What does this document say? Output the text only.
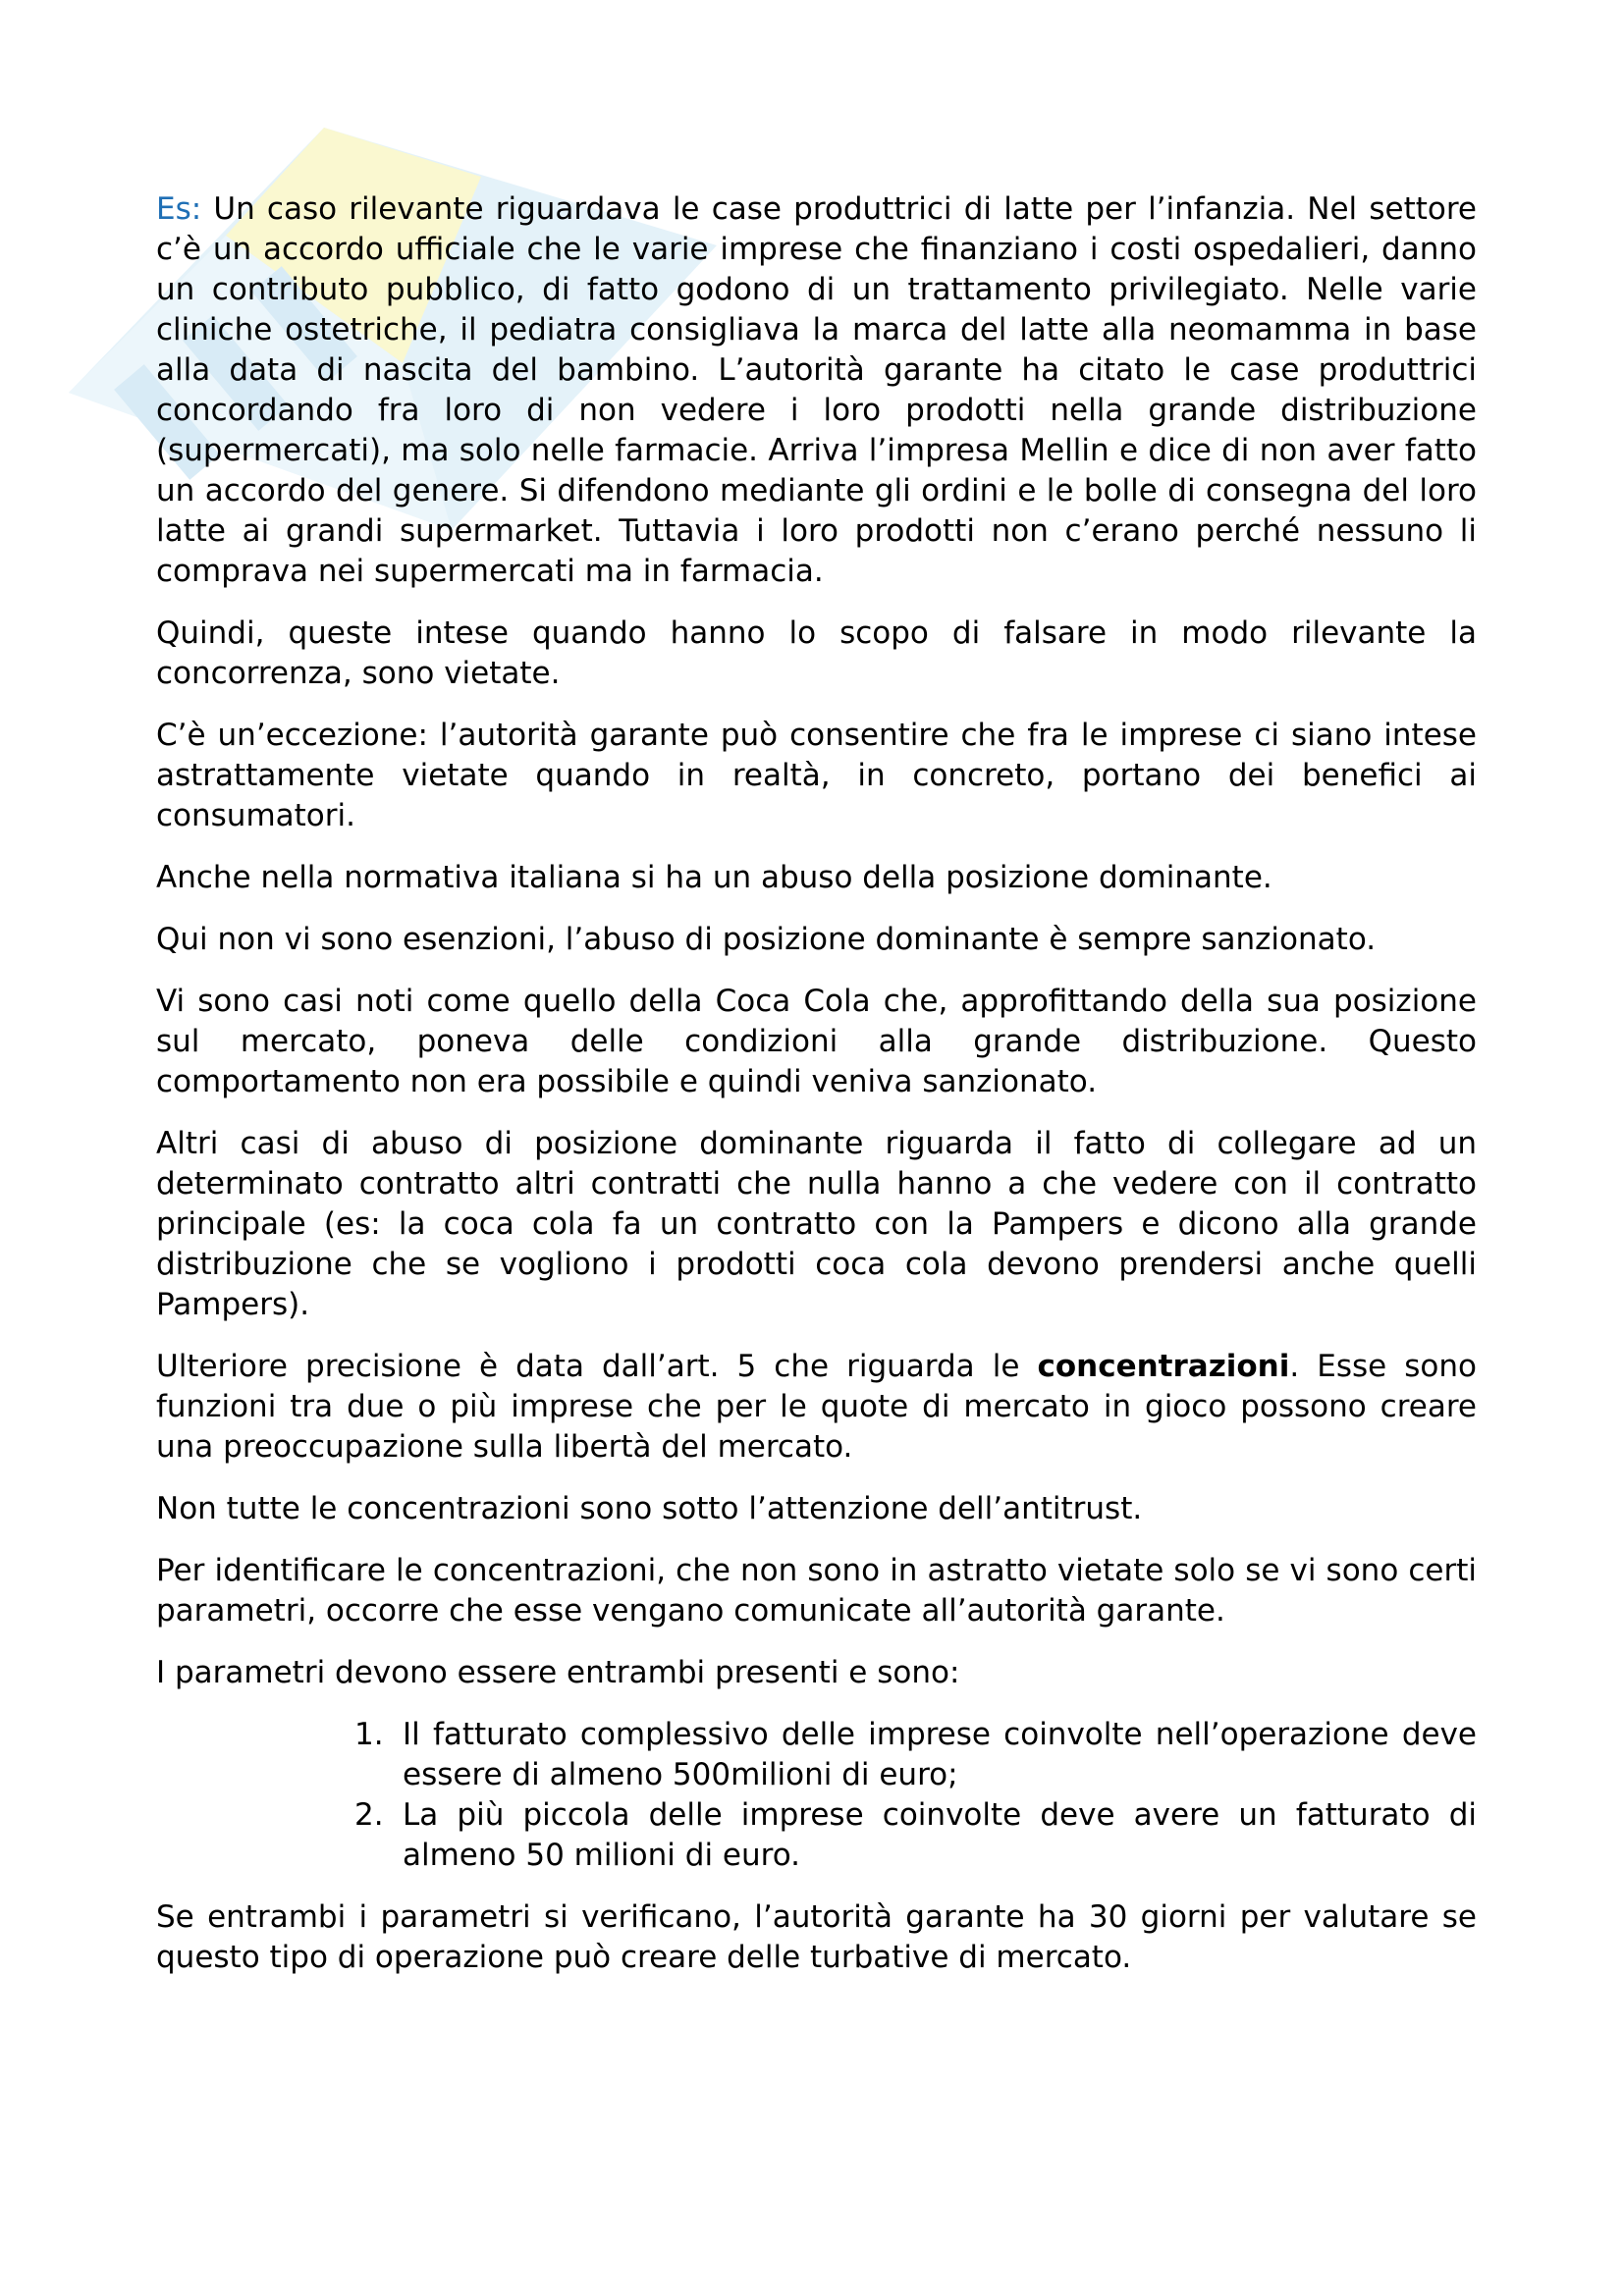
Es: Un caso rilevante riguardava le case produttrici di latte per l’infanzia. Nel settore c’è un accordo ufficiale che le varie imprese che finanziano i costi ospedalieri, danno un contributo pubblico, di fatto godono di un trattamento privilegiato. Nelle varie cliniche ostetriche, il pediatra consigliava la marca del latte alla neomamma in base alla data di nascita del bambino. L’autorità garante ha citato le case produttrici concordando fra loro di non vedere i loro prodotti nella grande distribuzione (supermercati), ma solo nelle farmacie. Arriva l’impresa Mellin e dice di non aver fatto un accordo del genere. Si difendono mediante gli ordini e le bolle di consegna del loro latte ai grandi supermarket. Tuttavia i loro prodotti non c’erano perché nessuno li comprava nei supermercati ma in farmacia.

Quindi, queste intese quando hanno lo scopo di falsare in modo rilevante la concorrenza, sono vietate.

C’è un’eccezione: l’autorità garante può consentire che fra le imprese ci siano intese astrattamente vietate quando in realtà, in concreto, portano dei benefici ai consumatori.

Anche nella normativa italiana si ha un abuso della posizione dominante.

Qui non vi sono esenzioni, l’abuso di posizione dominante è sempre sanzionato.

Vi sono casi noti come quello della Coca Cola che, approfittando della sua posizione sul mercato, poneva delle condizioni alla grande distribuzione. Questo comportamento non era possibile e quindi veniva sanzionato.

Altri casi di abuso di posizione dominante riguarda il fatto di collegare ad un determinato contratto altri contratti che nulla hanno a che vedere con il contratto principale (es: la coca cola fa un contratto con la Pampers e dicono alla grande distribuzione che se vogliono i prodotti coca cola devono prendersi anche quelli Pampers).

Ulteriore precisione è data dall’art. 5 che riguarda le concentrazioni. Esse sono funzioni tra due o più imprese che per le quote di mercato in gioco possono creare una preoccupazione sulla libertà del mercato.

Non tutte le concentrazioni sono sotto l’attenzione dell’antitrust.

Per identificare le concentrazioni, che non sono in astratto vietate solo se vi sono certi parametri, occorre che esse vengano comunicate all’autorità garante.

I parametri devono essere entrambi presenti e sono:

1. Il fatturato complessivo delle imprese coinvolte nell’operazione deve essere di almeno 500milioni di euro;
2. La più piccola delle imprese coinvolte deve avere un fatturato di almeno 50 milioni di euro.

Se entrambi i parametri si verificano, l’autorità garante ha 30 giorni per valutare se questo tipo di operazione può creare delle turbative di mercato.
